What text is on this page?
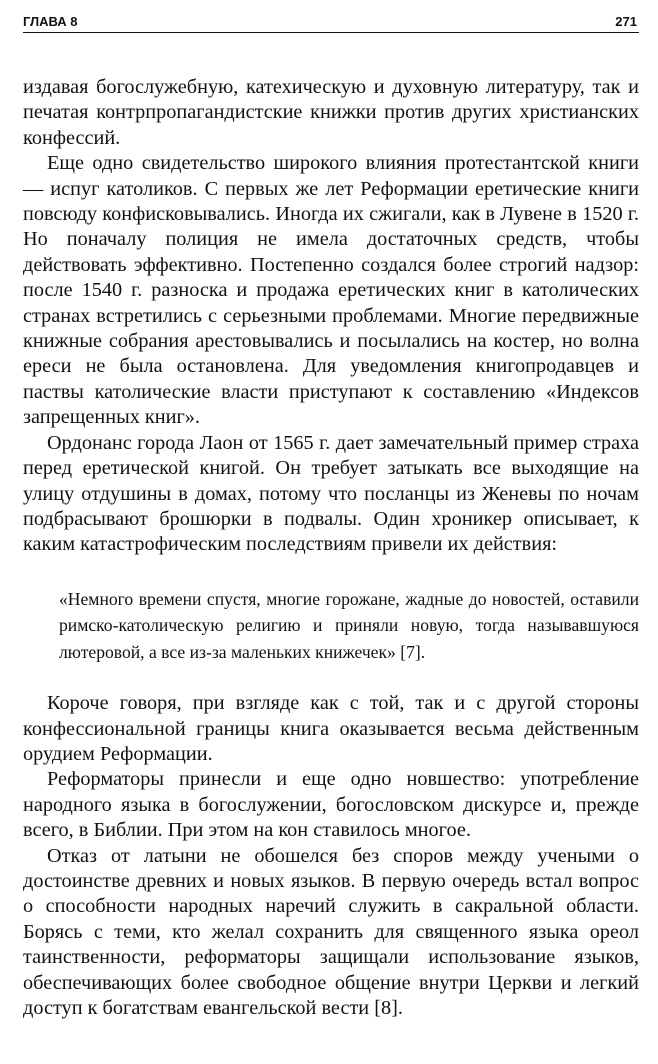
ГЛАВА 8	271

издавая богослужебную, катехическую и духовную литературу, так и печатая контрпропагандистские книжки против других христианских конфессий.

Еще одно свидетельство широкого влияния протестантской книги — испуг католиков. С первых же лет Реформации еретические книги повсюду конфисковывались. Иногда их сжигали, как в Лувене в 1520 г. Но поначалу полиция не имела достаточных средств, чтобы действовать эффективно. Постепенно создался более строгий надзор: после 1540 г. разноска и продажа еретических книг в католических странах встретились с серьезными проблемами. Многие передвижные книжные собрания арестовывались и посылались на костер, но волна ереси не была остановлена. Для уведомления книгопродавцев и паствы католические власти приступают к составлению «Индексов запрещенных книг».

Ордонанс города Лаон от 1565 г. дает замечательный пример страха перед еретической книгой. Он требует затыкать все выходящие на улицу отдушины в домах, потому что посланцы из Женевы по ночам подбрасывают брошюрки в подвалы. Один хроникер описывает, к каким катастрофическим последствиям привели их действия:

«Немного времени спустя, многие горожане, жадные до новостей, оставили римско-католическую религию и приняли новую, тогда называвшуюся лютеровой, а все из-за маленьких книжечек» [7].

Короче говоря, при взгляде как с той, так и с другой стороны конфессиональной границы книга оказывается весьма действенным орудием Реформации.

Реформаторы принесли и еще одно новшество: употребление народного языка в богослужении, богословском дискурсе и, прежде всего, в Библии. При этом на кон ставилось многое.

Отказ от латыни не обошелся без споров между учеными о достоинстве древних и новых языков. В первую очередь встал вопрос о способности народных наречий служить в сакральной области. Борясь с теми, кто желал сохранить для священного языка ореол таинственности, реформаторы защищали использование языков, обеспечивающих более свободное общение внутри Церкви и легкий доступ к богатствам евангельской вести [8].
